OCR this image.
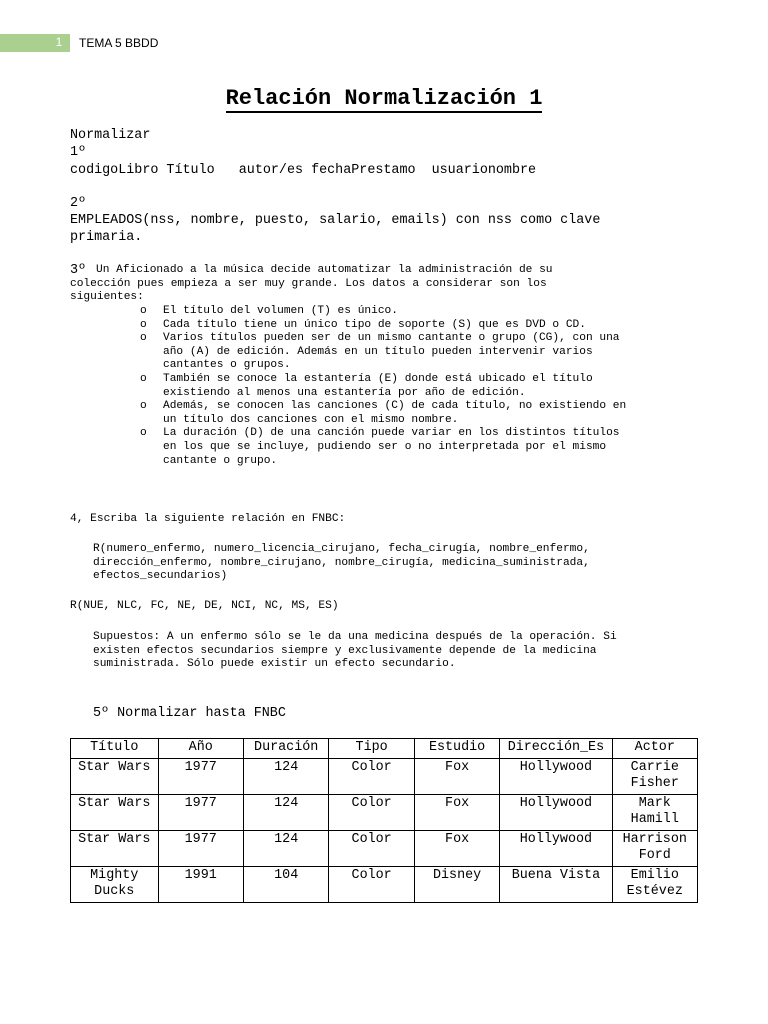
1	TEMA 5 BBDD
Relación Normalización 1
Normalizar
1º
codigoLibro Título   autor/es fechaPrestamo  usuarionombre
2º
EMPLEADOS(nss, nombre, puesto, salario, emails) con nss como clave
primaria.
3º Un Aficionado a la música decide automatizar la administración de su
colección pues empieza a ser muy grande. Los datos a considerar son los
siguientes:
o	El título del volumen (T) es único.
o	Cada título tiene un único tipo de soporte (S) que es DVD o CD.
o	Varios títulos pueden ser de un mismo cantante o grupo (CG), con una
año (A) de edición. Además en un título pueden intervenir varios
cantantes o grupos.
o	También se conoce la estantería (E) donde está ubicado el título
existiendo al menos una estantería por año de edición.
o	Además, se conocen las canciones (C) de cada título, no existiendo en
un título dos canciones con el mismo nombre.
o	La duración (D) de una canción puede variar en los distintos títulos
en los que se incluye, pudiendo ser o no interpretada por el mismo
cantante o grupo.
4, Escriba la siguiente relación en FNBC:
R(numero_enfermo, numero_licencia_cirujano, fecha_cirugía, nombre_enfermo,
dirección_enfermo, nombre_cirujano, nombre_cirugía, medicina_suministrada,
efectos_secundarios)
R(NUE, NLC, FC, NE, DE, NCI, NC, MS, ES)
Supuestos: A un enfermo sólo se le da una medicina después de la operación. Si
existen efectos secundarios siempre y exclusivamente depende de la medicina
suministrada. Sólo puede existir un efecto secundario.
5º Normalizar hasta FNBC
Título	Año	Duración	Tipo	Estudio	Dirección_Es	Actor
Star Wars	1977	124	Color	Fox	Hollywood	Carrie
Fisher
Star Wars	1977	124	Color	Fox	Hollywood	Mark
Hamill
Star Wars	1977	124	Color	Fox	Hollywood	Harrison
Ford
Mighty
Ducks	1991	104	Color	Disney	Buena Vista	Emilio
Estévez
